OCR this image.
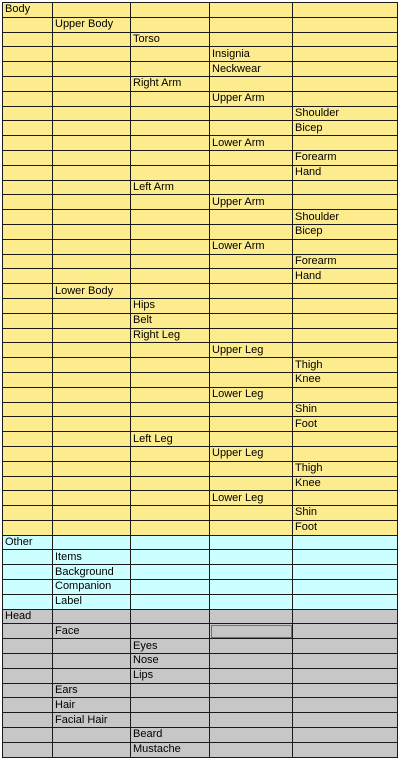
Body				
	Upper Body			
		Torso		
			Insignia	
			Neckwear	
		Right Arm		
			Upper Arm	
				Shoulder
				Bicep
			Lower Arm	
				Forearm
				Hand
		Left Arm		
			Upper Arm	
				Shoulder
				Bicep
			Lower Arm	
				Forearm
				Hand
	Lower Body			
		Hips		
		Belt		
		Right Leg		
			Upper Leg	
				Thigh
				Knee
			Lower Leg	
				Shin
				Foot
		Left Leg		
			Upper Leg	
				Thigh
				Knee
			Lower Leg	
				Shin
				Foot
Other				
	Items			
	Background			
	Companion			
	Label			
Head				
	Face			
		Eyes		
		Nose		
		Lips		
	Ears			
	Hair			
	Facial Hair			
		Beard		
		Mustache		
